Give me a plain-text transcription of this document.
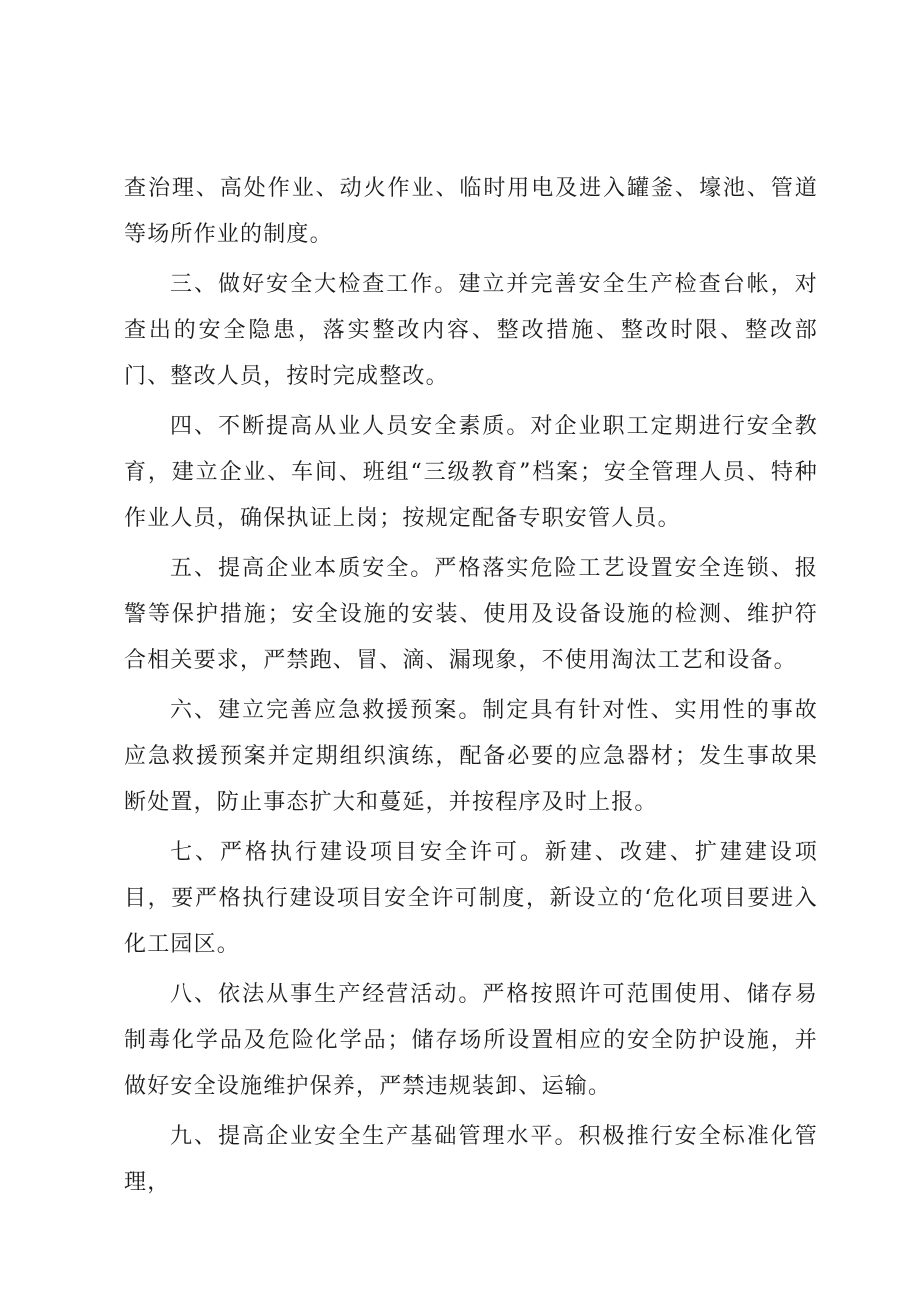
查治理、高处作业、动火作业、临时用电及进入罐釜、壕池、管道等场所作业的制度。

三、做好安全大检查工作。建立并完善安全生产检查台帐，对查出的安全隐患，落实整改内容、整改措施、整改时限、整改部门、整改人员，按时完成整改。

四、不断提高从业人员安全素质。对企业职工定期进行安全教育，建立企业、车间、班组“三级教育”档案；安全管理人员、特种作业人员，确保执证上岗；按规定配备专职安管人员。

五、提高企业本质安全。严格落实危险工艺设置安全连锁、报警等保护措施；安全设施的安装、使用及设备设施的检测、维护符合相关要求，严禁跑、冒、滴、漏现象，不使用淘汰工艺和设备。

六、建立完善应急救援预案。制定具有针对性、实用性的事故应急救援预案并定期组织演练，配备必要的应急器材；发生事故果断处置，防止事态扩大和蔓延，并按程序及时上报。

七、严格执行建设项目安全许可。新建、改建、扩建建设项目，要严格执行建设项目安全许可制度，新设立的‘危化项目要进入化工园区。

八、依法从事生产经营活动。严格按照许可范围使用、储存易制毒化学品及危险化学品；储存场所设置相应的安全防护设施，并做好安全设施维护保养，严禁违规装卸、运输。

九、提高企业安全生产基础管理水平。积极推行安全标准化管理，
